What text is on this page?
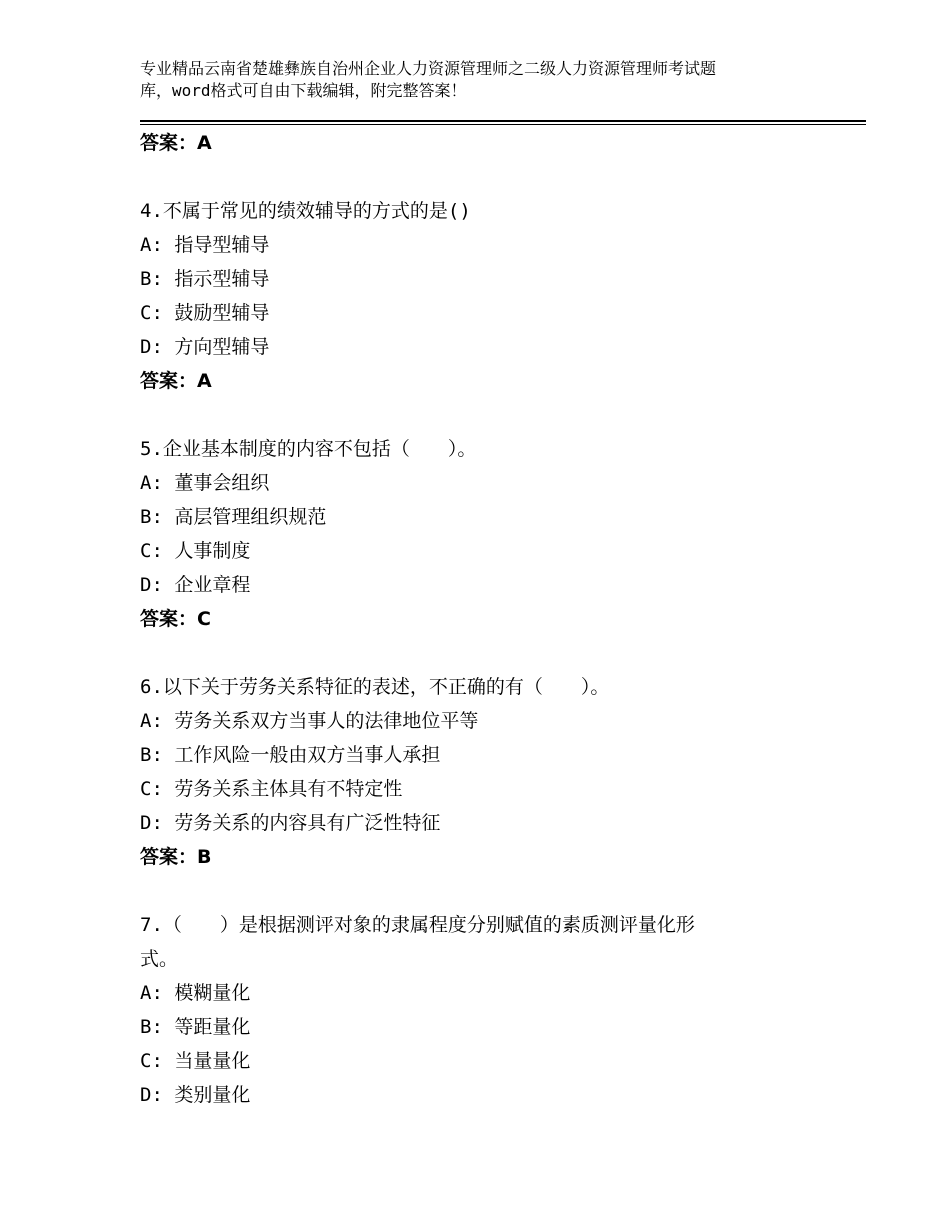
专业精品云南省楚雄彝族自治州企业人力资源管理师之二级人力资源管理师考试题
库，word格式可自由下载编辑，附完整答案！
答案：A
4.不属于常见的绩效辅导的方式的是()
A: 指导型辅导
B: 指示型辅导
C: 鼓励型辅导
D: 方向型辅导
答案：A
5.企业基本制度的内容不包括（　　）。
A: 董事会组织
B: 高层管理组织规范
C: 人事制度
D: 企业章程
答案：C
6.以下关于劳务关系特征的表述，不正确的有（　　）。
A: 劳务关系双方当事人的法律地位平等
B: 工作风险一般由双方当事人承担
C: 劳务关系主体具有不特定性
D: 劳务关系的内容具有广泛性特征
答案：B
7.（　　）是根据测评对象的隶属程度分别赋值的素质测评量化形
式。
A: 模糊量化
B: 等距量化
C: 当量量化
D: 类别量化
